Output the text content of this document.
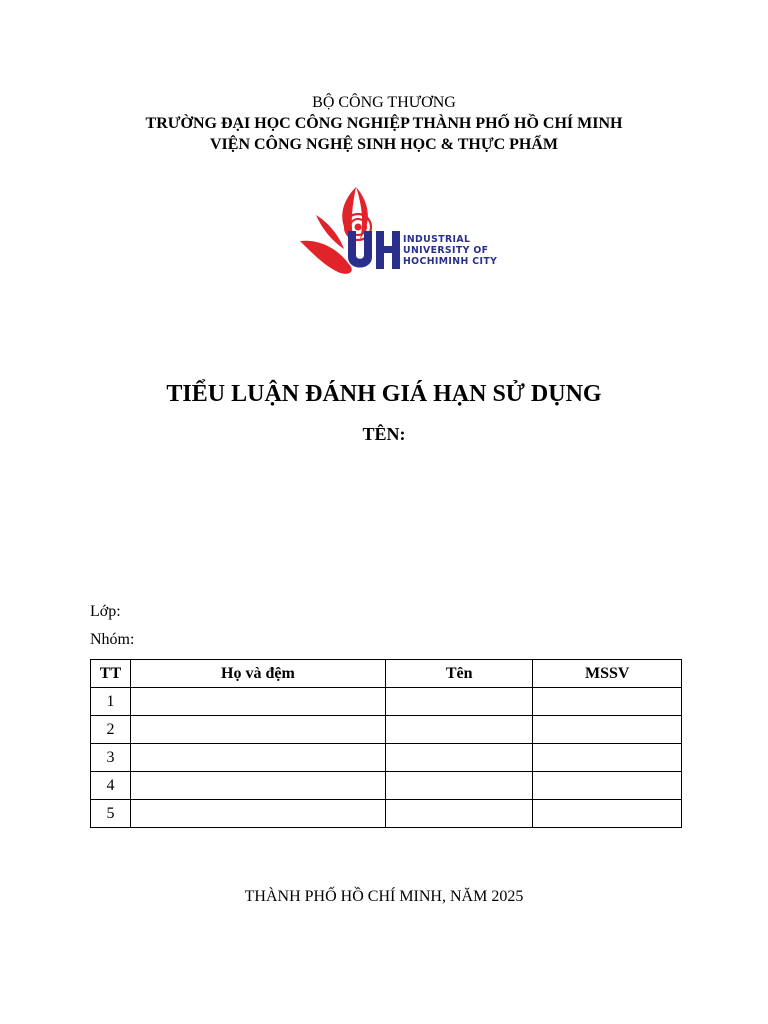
BỘ CÔNG THƯƠNG
TRƯỜNG ĐẠI HỌC CÔNG NGHIỆP THÀNH PHỐ HỒ CHÍ MINH
VIỆN CÔNG NGHỆ SINH HỌC & THỰC PHẨM
INDUSTRIAL
UNIVERSITY OF
HOCHIMINH CITY
TIỂU LUẬN ĐÁNH GIÁ HẠN SỬ DỤNG
TÊN:
Lớp:
Nhóm:
TT	Họ và đệm	Tên	MSSV
1			
2			
3			
4			
5			
THÀNH PHỐ HỒ CHÍ MINH, NĂM 2025
